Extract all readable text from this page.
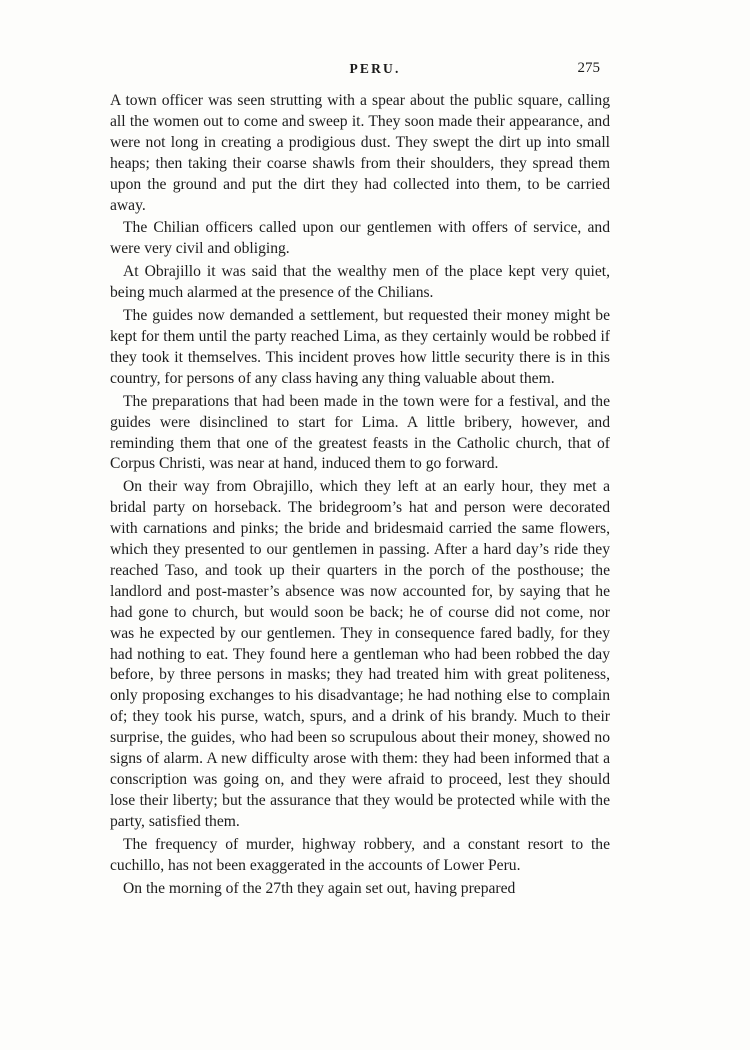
PERU.	275

A town officer was seen strutting with a spear about the public square, calling all the women out to come and sweep it. They soon made their appearance, and were not long in creating a prodigious dust. They swept the dirt up into small heaps; then taking their coarse shawls from their shoulders, they spread them upon the ground and put the dirt they had collected into them, to be carried away.

The Chilian officers called upon our gentlemen with offers of service, and were very civil and obliging.

At Obrajillo it was said that the wealthy men of the place kept very quiet, being much alarmed at the presence of the Chilians.

The guides now demanded a settlement, but requested their money might be kept for them until the party reached Lima, as they certainly would be robbed if they took it themselves. This incident proves how little security there is in this country, for persons of any class having any thing valuable about them.

The preparations that had been made in the town were for a festival, and the guides were disinclined to start for Lima. A little bribery, however, and reminding them that one of the greatest feasts in the Catholic church, that of Corpus Christi, was near at hand, induced them to go forward.

On their way from Obrajillo, which they left at an early hour, they met a bridal party on horseback. The bridegroom’s hat and person were decorated with carnations and pinks; the bride and bridesmaid carried the same flowers, which they presented to our gentlemen in passing. After a hard day’s ride they reached Taso, and took up their quarters in the porch of the posthouse; the landlord and post-master’s absence was now accounted for, by saying that he had gone to church, but would soon be back; he of course did not come, nor was he expected by our gentlemen. They in consequence fared badly, for they had nothing to eat. They found here a gentleman who had been robbed the day before, by three persons in masks; they had treated him with great politeness, only proposing exchanges to his disadvantage; he had nothing else to complain of; they took his purse, watch, spurs, and a drink of his brandy. Much to their surprise, the guides, who had been so scrupulous about their money, showed no signs of alarm. A new difficulty arose with them: they had been informed that a conscription was going on, and they were afraid to proceed, lest they should lose their liberty; but the assurance that they would be protected while with the party, satisfied them.

The frequency of murder, highway robbery, and a constant resort to the cuchillo, has not been exaggerated in the accounts of Lower Peru.

On the morning of the 27th they again set out, having prepared
